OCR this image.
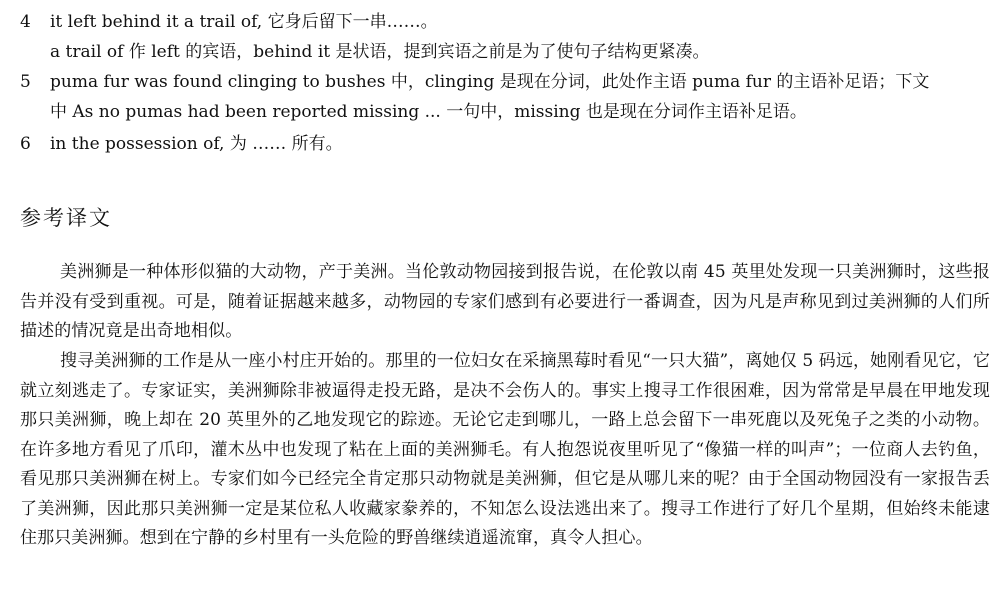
4 it left behind it a trail of, 它身后留下一串……。
a trail of 作 left 的宾语，behind it 是状语，提到宾语之前是为了使句子结构更紧凑。
5 puma fur was found clinging to bushes 中，clinging 是现在分词，此处作主语 puma fur 的主语补足语；下文
中 As no pumas had been reported missing ... 一句中，missing 也是现在分词作主语补足语。
6 in the possession of, 为 …… 所有。
参考译文

美洲狮是一种体形似猫的大动物，产于美洲。当伦敦动物园接到报告说，在伦敦以南 45 英里处发现一只美洲狮时，这些报告并没有受到重视。可是，随着证据越来越多，动物园的专家们感到有必要进行一番调查，因为凡是声称见到过美洲狮的人们所描述的情况竟是出奇地相似。

搜寻美洲狮的工作是从一座小村庄开始的。那里的一位妇女在采摘黑莓时看见“一只大猫”，离她仅 5 码远，她刚看见它，它就立刻逃走了。专家证实，美洲狮除非被逼得走投无路，是决不会伤人的。事实上搜寻工作很困难，因为常常是早晨在甲地发现那只美洲狮，晚上却在 20 英里外的乙地发现它的踪迹。无论它走到哪儿，一路上总会留下一串死鹿以及死兔子之类的小动物。在许多地方看见了爪印，灌木丛中也发现了粘在上面的美洲狮毛。有人抱怨说夜里听见了“像猫一样的叫声”；一位商人去钓鱼，看见那只美洲狮在树上。专家们如今已经完全肯定那只动物就是美洲狮，但它是从哪儿来的呢？由于全国动物园没有一家报告丢了美洲狮，因此那只美洲狮一定是某位私人收藏家豢养的，不知怎么设法逃出来了。搜寻工作进行了好几个星期，但始终未能逮住那只美洲狮。想到在宁静的乡村里有一头危险的野兽继续逍遥流窜，真令人担心。
